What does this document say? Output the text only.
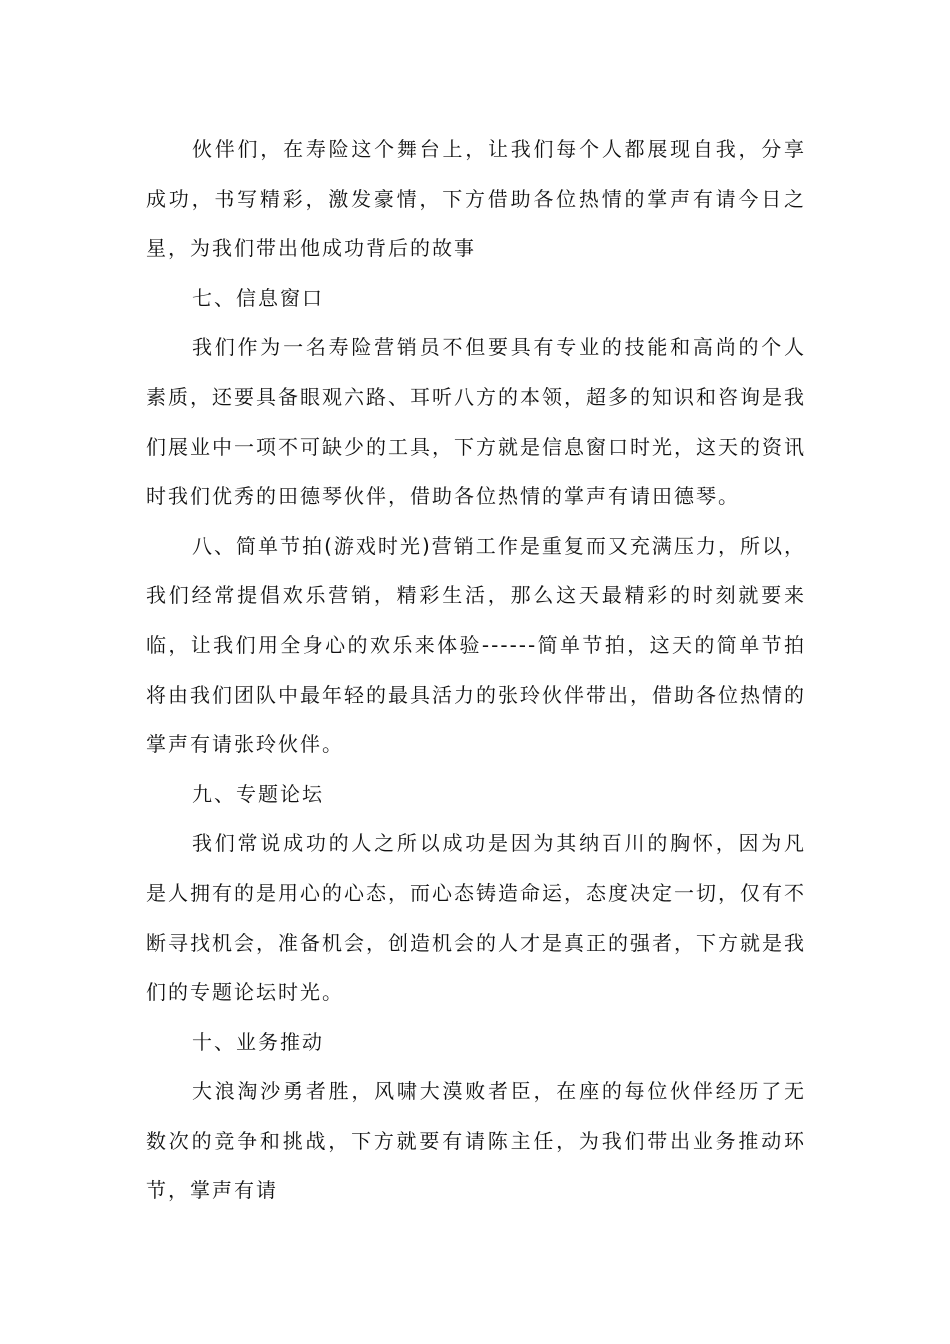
伙伴们，在寿险这个舞台上，让我们每个人都展现自我，分享成功，书写精彩，激发豪情，下方借助各位热情的掌声有请今日之星，为我们带出他成功背后的故事

七、信息窗口

我们作为一名寿险营销员不但要具有专业的技能和高尚的个人素质，还要具备眼观六路、耳听八方的本领，超多的知识和咨询是我们展业中一项不可缺少的工具，下方就是信息窗口时光，这天的资讯时我们优秀的田德琴伙伴，借助各位热情的掌声有请田德琴。

八、简单节拍(游戏时光)营销工作是重复而又充满压力，所以，我们经常提倡欢乐营销，精彩生活，那么这天最精彩的时刻就要来临，让我们用全身心的欢乐来体验------简单节拍，这天的简单节拍将由我们团队中最年轻的最具活力的张玲伙伴带出，借助各位热情的掌声有请张玲伙伴。

九、专题论坛

我们常说成功的人之所以成功是因为其纳百川的胸怀，因为凡是人拥有的是用心的心态，而心态铸造命运，态度决定一切，仅有不断寻找机会，准备机会，创造机会的人才是真正的强者，下方就是我们的专题论坛时光。

十、业务推动

大浪淘沙勇者胜，风啸大漠败者臣，在座的每位伙伴经历了无数次的竞争和挑战，下方就要有请陈主任，为我们带出业务推动环节，掌声有请
